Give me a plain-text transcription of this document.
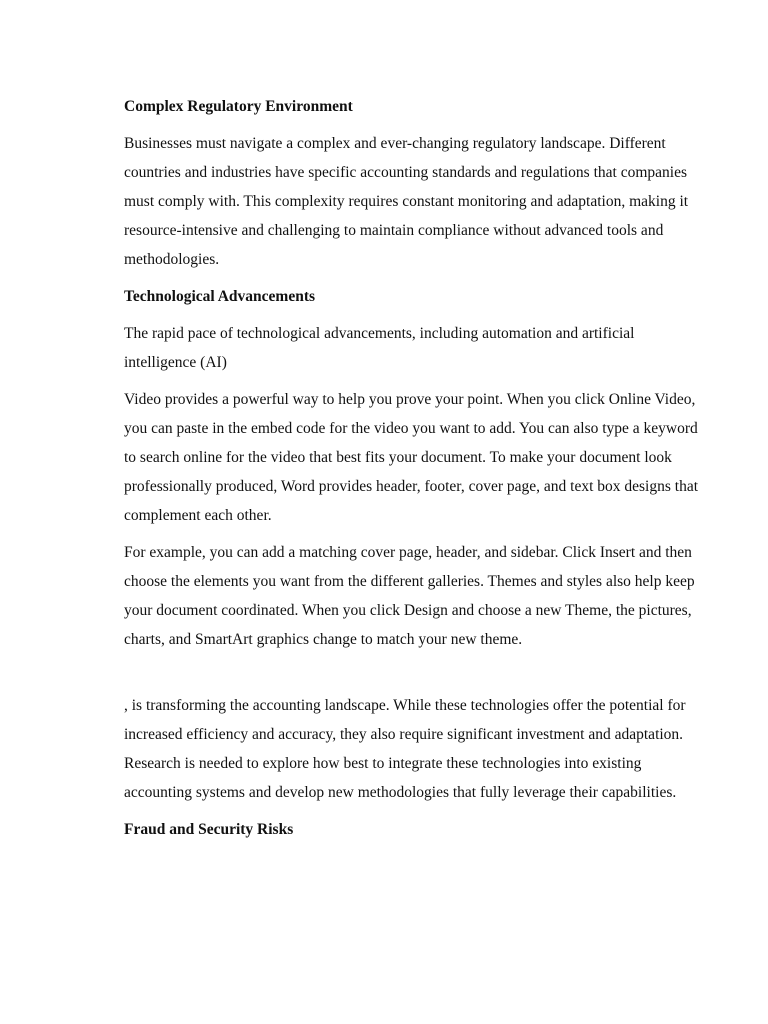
Complex Regulatory Environment

Businesses must navigate a complex and ever-changing regulatory landscape. Different countries and industries have specific accounting standards and regulations that companies must comply with. This complexity requires constant monitoring and adaptation, making it resource-intensive and challenging to maintain compliance without advanced tools and methodologies.

Technological Advancements

The rapid pace of technological advancements, including automation and artificial intelligence (AI)

Video provides a powerful way to help you prove your point. When you click Online Video, you can paste in the embed code for the video you want to add. You can also type a keyword to search online for the video that best fits your document. To make your document look professionally produced, Word provides header, footer, cover page, and text box designs that complement each other.

For example, you can add a matching cover page, header, and sidebar. Click Insert and then choose the elements you want from the different galleries. Themes and styles also help keep your document coordinated. When you click Design and choose a new Theme, the pictures, charts, and SmartArt graphics change to match your new theme.

, is transforming the accounting landscape. While these technologies offer the potential for increased efficiency and accuracy, they also require significant investment and adaptation. Research is needed to explore how best to integrate these technologies into existing accounting systems and develop new methodologies that fully leverage their capabilities.

Fraud and Security Risks
